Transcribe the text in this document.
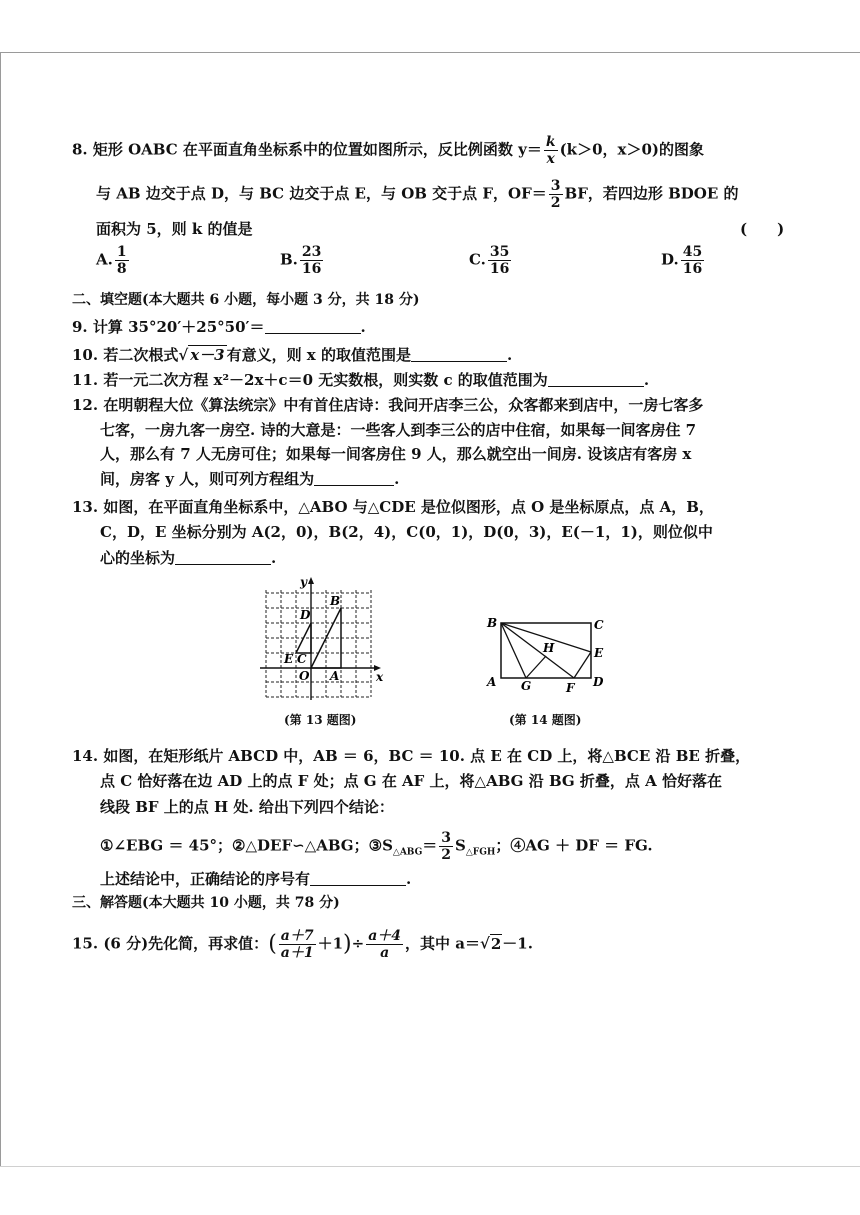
8. 矩形 OABC 在平面直角坐标系中的位置如图所示，反比例函数 $y= \frac{k}{x} (k>0$，x＞0)的图象
与 AB 边交于点 D，与 BC 边交于点 E，与 OB 交于点 F，$OF= \frac{3}{2}$ BF，若四边形 BDOE 的
面积为 5，则 k 的值是	(　　)
A. $\frac{1}{8}$	B. $\frac{23}{16}$	C. $\frac{35}{16}$	D. $\frac{45}{16}$
二、填空题(本大题共 6 小题，每小题 3 分，共 18 分)
9. 计算 35°20′＋25°50′＝	.
10. 若二次根式√ x－3 有意义，则 x 的取值范围是	.
11. 若一元二次方程 x²－2x＋c＝0 无实数根，则实数 c 的取值范围为	.
12. 在明朝程大位《算法统宗》中有首住店诗：我问开店李三公，众客都来到店中，一房七客多
七客，一房九客一房空. 诗的大意是：一些客人到李三公的店中住宿，如果每一间客房住 7
人，那么有 7 人无房可住；如果每一间客房住 9 人，那么就空出一间房. 设该店有客房 x
间，房客 y 人，则可列方程组为	.
13. 如图，在平面直角坐标系中，△ABO 与△CDE 是位似图形，点 O 是坐标原点，点 A，B，
C，D，E 坐标分别为 A(2，0)，B(2，4)，C(0，1)，D(0，3)，E(－1，1)，则位似中
心的坐标为	.
y
x
B
D
E C
O A
(第 13 题图)
B	C
H	E
A G	F D
(第 14 题图)
14. 如图，在矩形纸片 ABCD 中，AB ＝ 6，BC ＝ 10. 点 E 在 CD 上，将△BCE 沿 BE 折叠，
点 C 恰好落在边 AD 上的点 F 处；点 G 在 AF 上，将△ABG 沿 BG 折叠，点 A 恰好落在
线段 BF 上的点 H 处. 给出下列四个结论：
①∠EBG ＝ 45°；②△DEF∽△ABG；$③S_{\triangle ABG}= \frac{3}{2} S_{\triangle FGH}$；④AG ＋ DF ＝ FG.
上述结论中，正确结论的序号有	.
三、解答题(本大题共 10 小题，共 78 分)
15. (6 分)先化简，再求值：( $\frac{a+7}{a+1} +1)\div \frac{a+4}{a}$ ，其中 a＝√2－1.
